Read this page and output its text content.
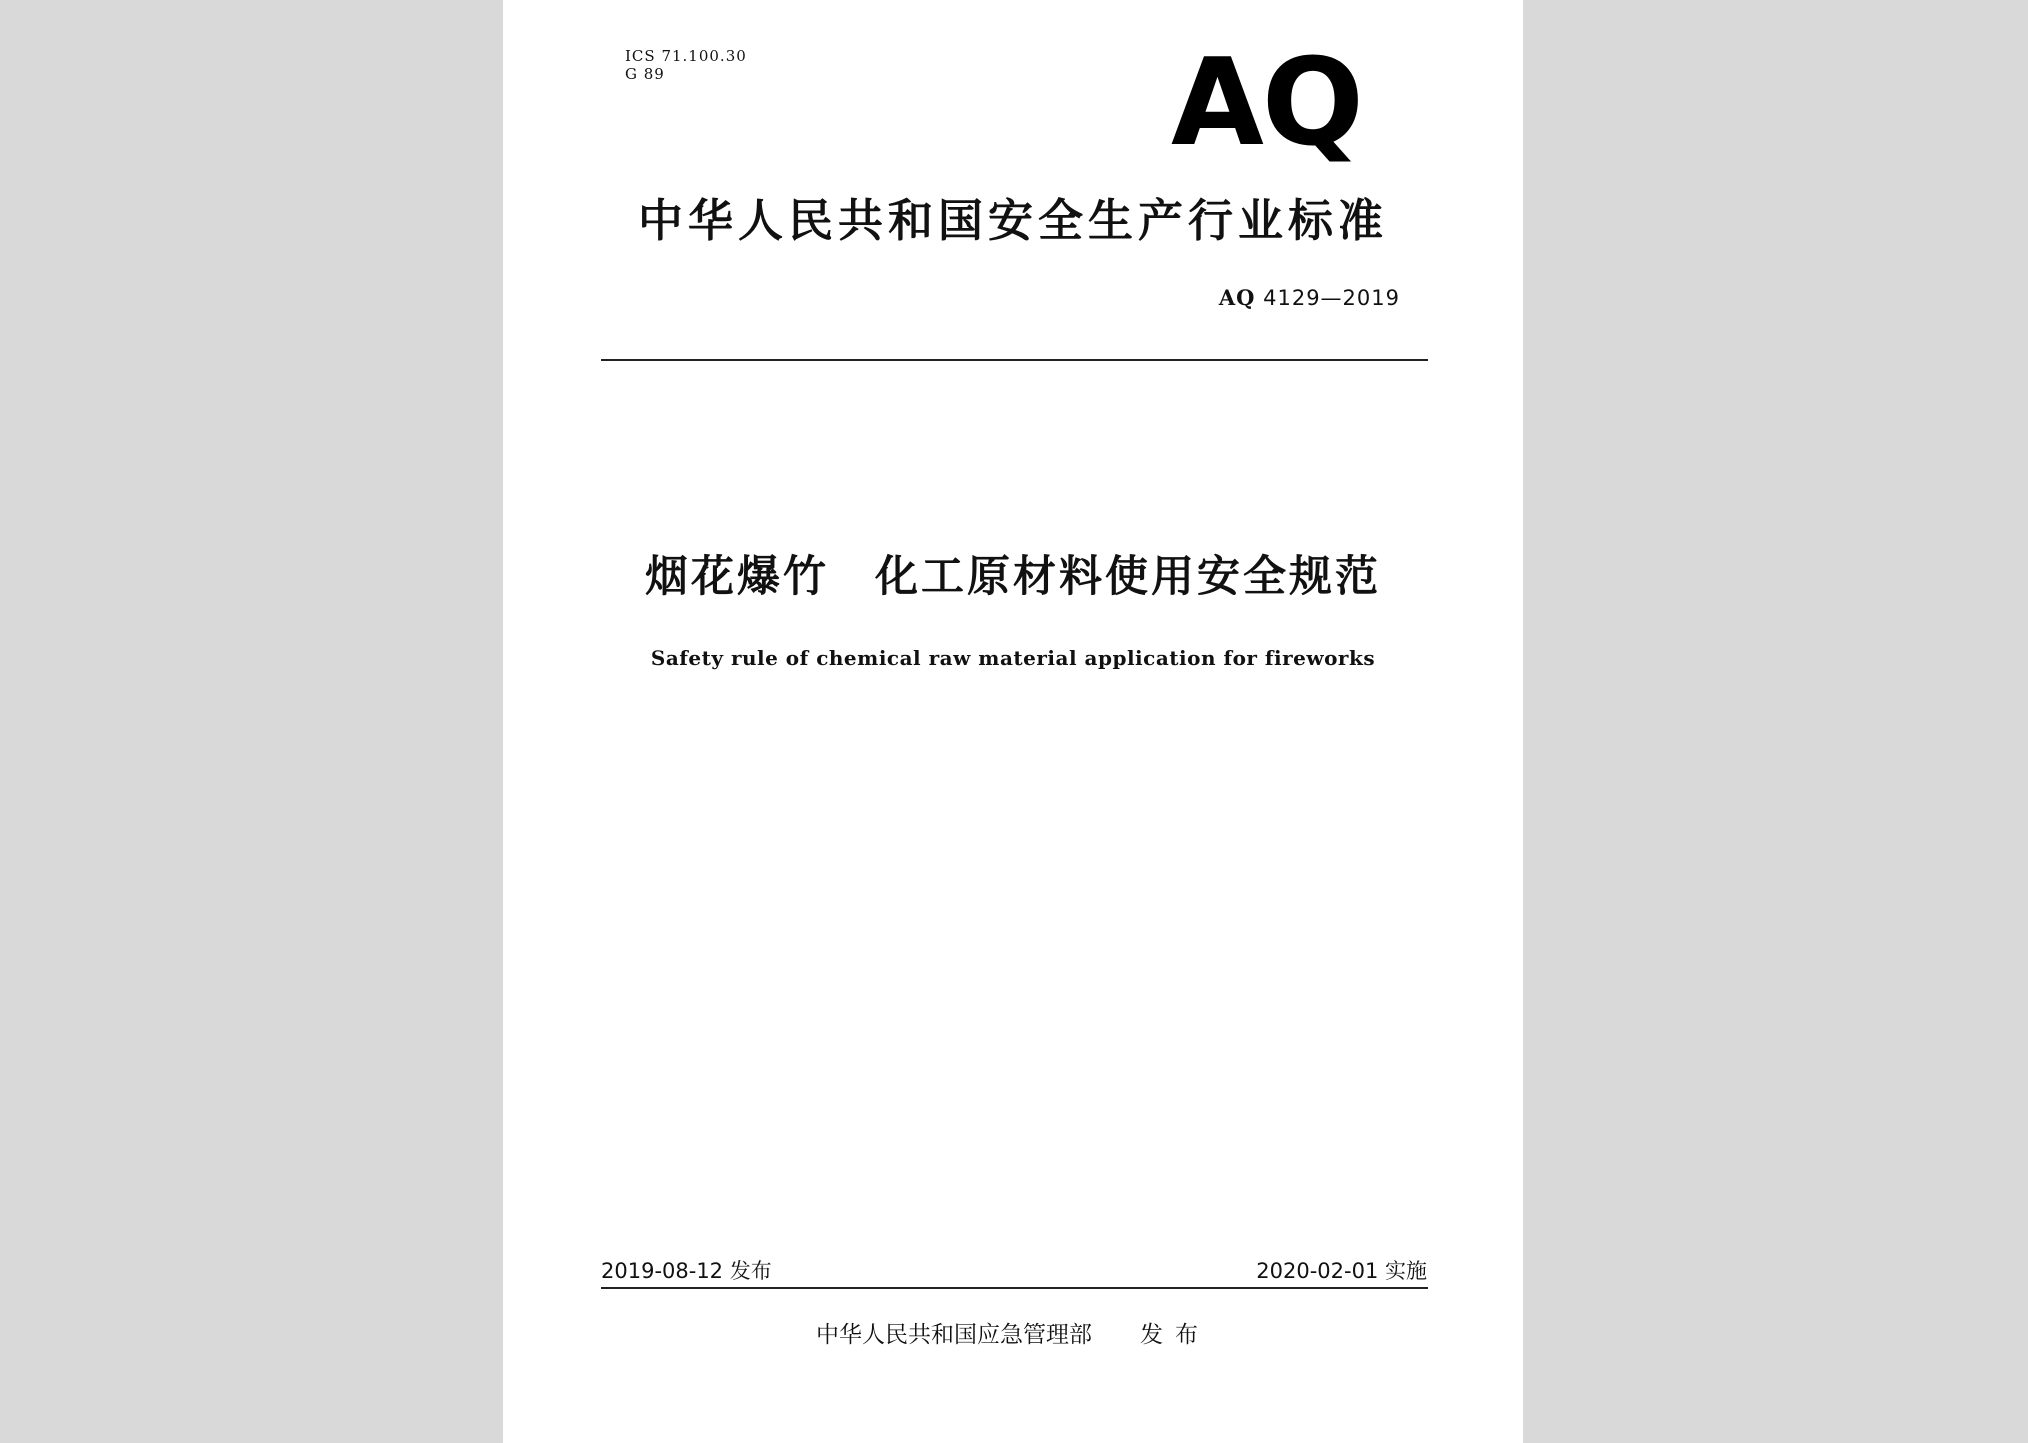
ICS 71.100.30
G 89	AQ
中华人民共和国安全生产行业标准
AQ 4129—2019
烟花爆竹　化工原材料使用安全规范
Safety rule of chemical raw material application for fireworks
2019-08-12 发布	2020-02-01 实施
中华人民共和国应急管理部 发布
